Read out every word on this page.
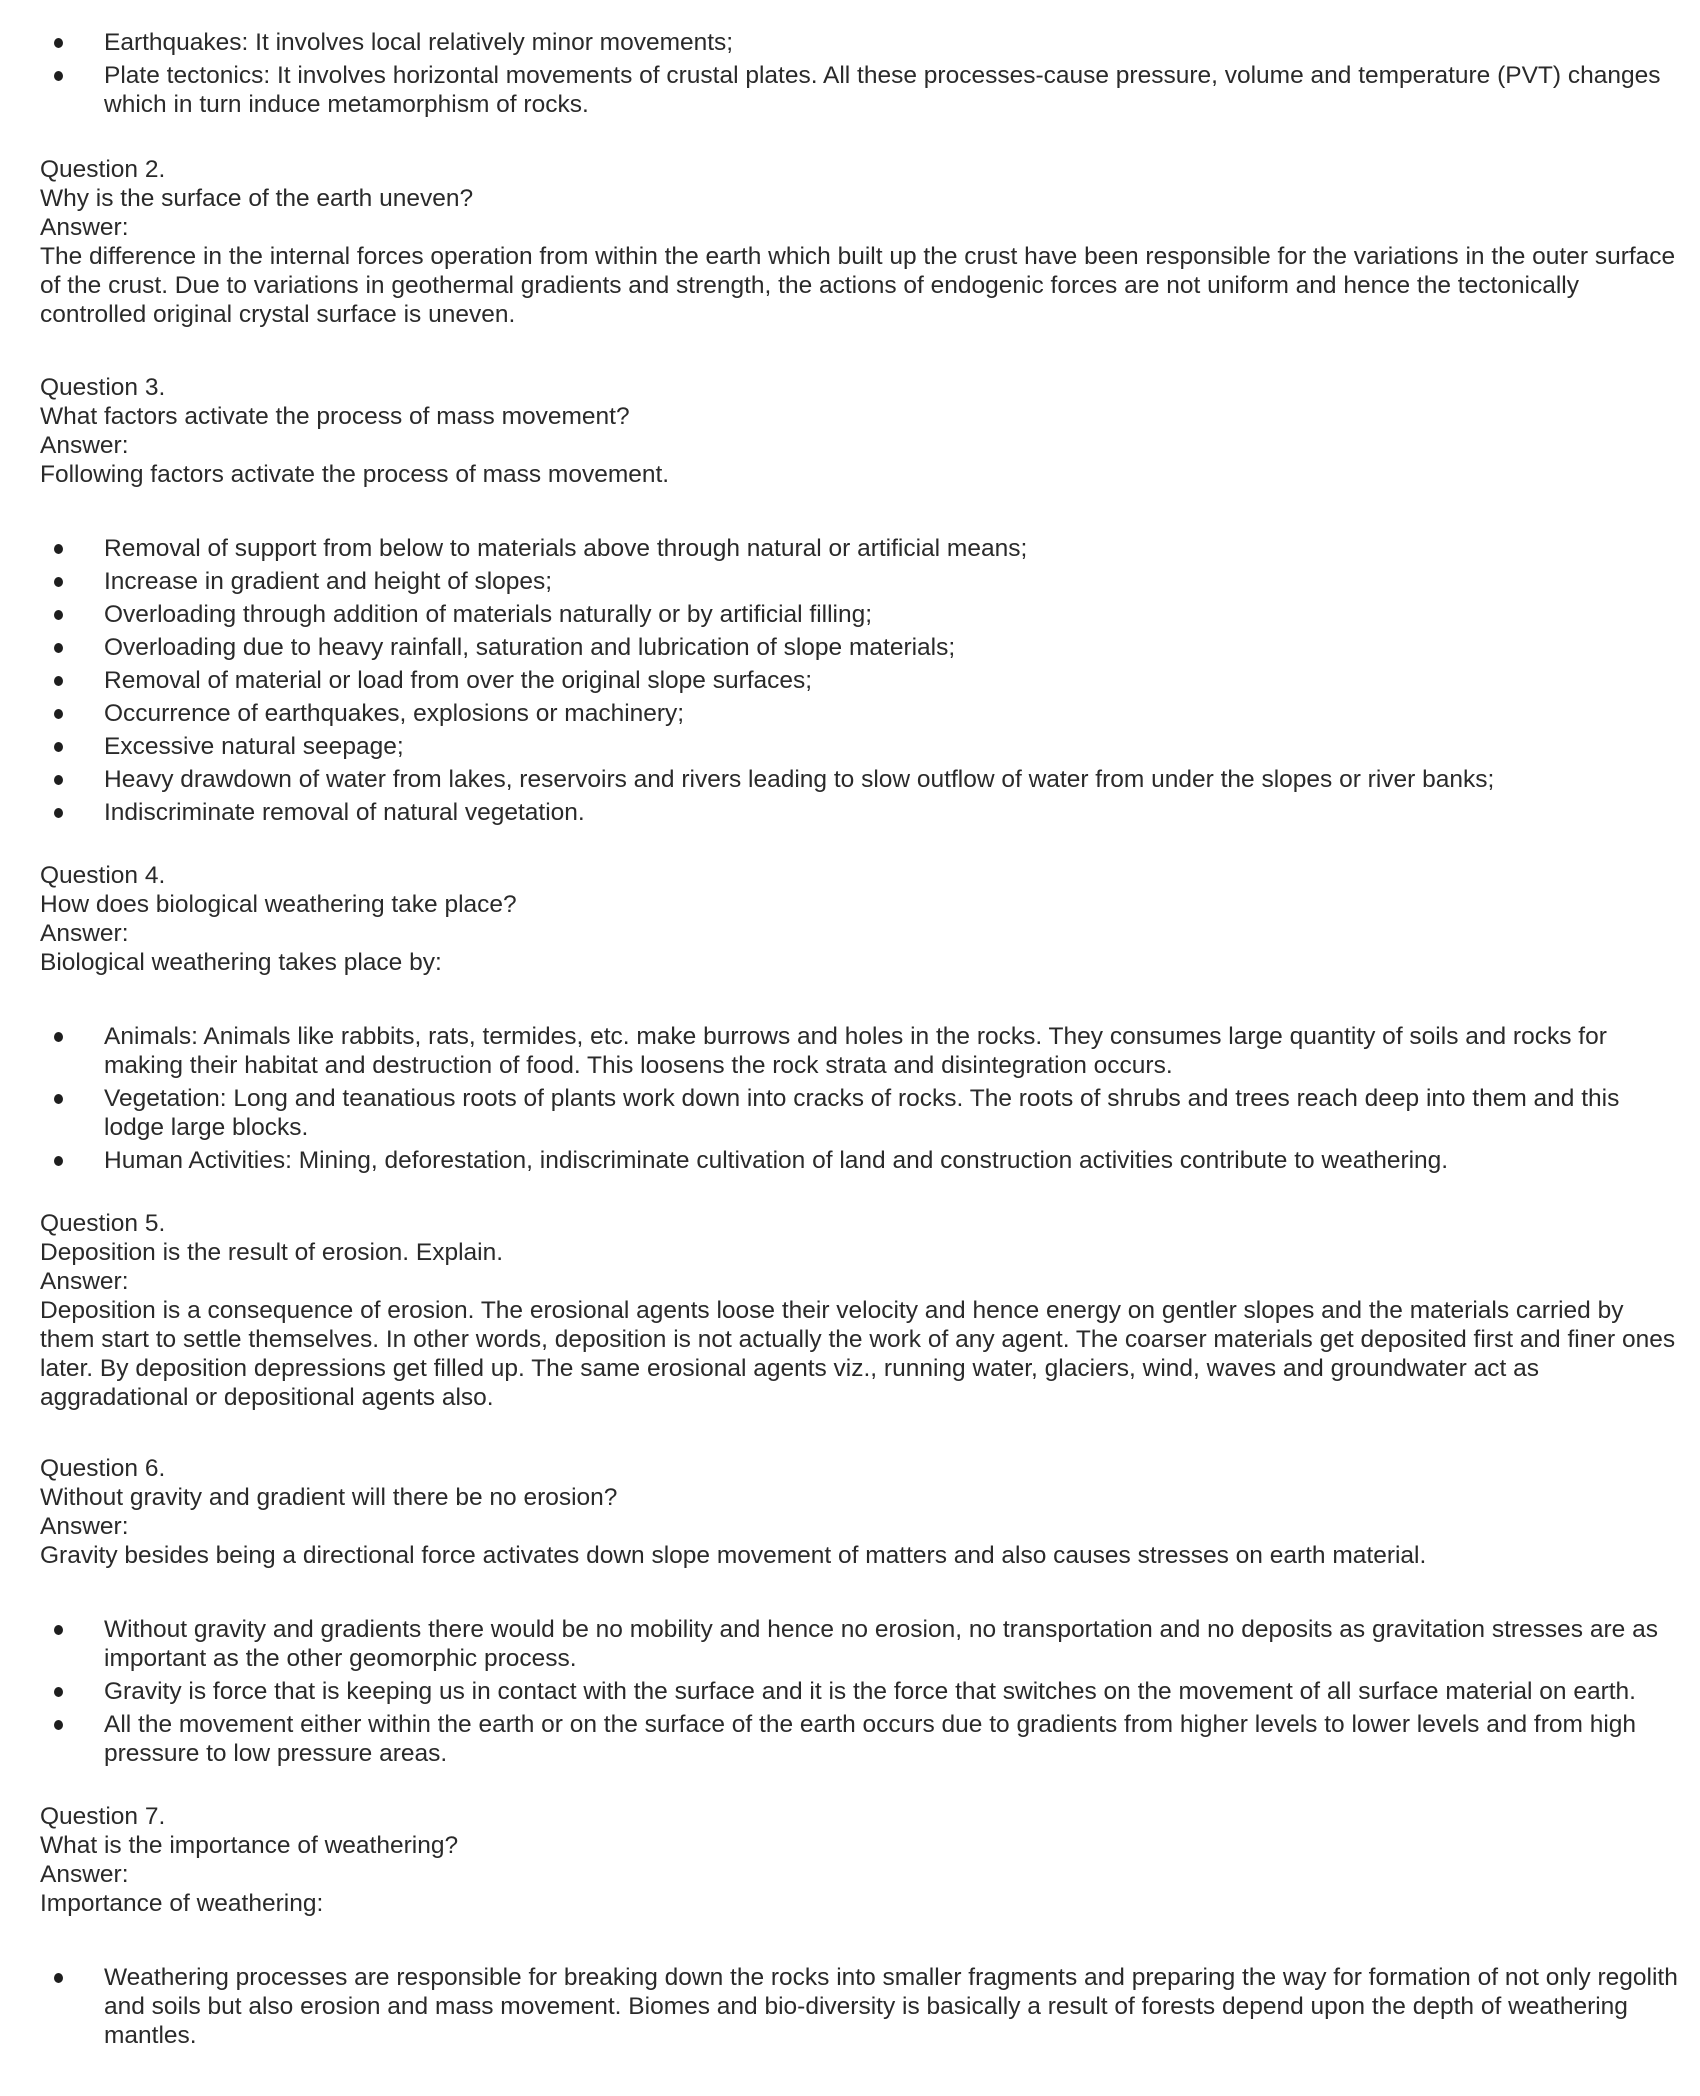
Earthquakes: It involves local relatively minor movements;
Plate tectonics: It involves horizontal movements of crustal plates. All these processes-cause pressure, volume and temperature (PVT) changes which in turn induce metamorphism of rocks.
Question 2.
Why is the surface of the earth uneven?
Answer:

The difference in the internal forces operation from within the earth which built up the crust have been responsible for the variations in the outer surface of the crust. Due to variations in geothermal gradients and strength, the actions of endogenic forces are not uniform and hence the tectonically controlled original crystal surface is uneven.

Question 3.
What factors activate the process of mass movement?
Answer:

Following factors activate the process of mass movement.

Removal of support from below to materials above through natural or artificial means;
Increase in gradient and height of slopes;
Overloading through addition of materials naturally or by artificial filling;
Overloading due to heavy rainfall, saturation and lubrication of slope materials;
Removal of material or load from over the original slope surfaces;
Occurrence of earthquakes, explosions or machinery;
Excessive natural seepage;
Heavy drawdown of water from lakes, reservoirs and rivers leading to slow outflow of water from under the slopes or river banks;
Indiscriminate removal of natural vegetation.
Question 4.
How does biological weathering take place?
Answer:

Biological weathering takes place by:

Animals: Animals like rabbits, rats, termides, etc. make burrows and holes in the rocks. They consumes large quantity of soils and rocks for making their habitat and destruction of food. This loosens the rock strata and disintegration occurs.
Vegetation: Long and teanatious roots of plants work down into cracks of rocks. The roots of shrubs and trees reach deep into them and this lodge large blocks.
Human Activities: Mining, deforestation, indiscriminate cultivation of land and construction activities contribute to weathering.
Question 5.
Deposition is the result of erosion. Explain.
Answer:

Deposition is a consequence of erosion. The erosional agents loose their velocity and hence energy on gentler slopes and the materials carried by them start to settle themselves. In other words, deposition is not actually the work of any agent. The coarser materials get deposited first and finer ones later. By deposition depressions get filled up. The same erosional agents viz., running water, glaciers, wind, waves and groundwater act as aggradational or depositional agents also.

Question 6.
Without gravity and gradient will there be no erosion?
Answer:

Gravity besides being a directional force activates down slope movement of matters and also causes stresses on earth material.

Without gravity and gradients there would be no mobility and hence no erosion, no transportation and no deposits as gravitation stresses are as important as the other geomorphic process.
Gravity is force that is keeping us in contact with the surface and it is the force that switches on the movement of all surface material on earth.
All the movement either within the earth or on the surface of the earth occurs due to gradients from higher levels to lower levels and from high pressure to low pressure areas.
Question 7.
What is the importance of weathering?
Answer:

Importance of weathering:

Weathering processes are responsible for breaking down the rocks into smaller fragments and preparing the way for formation of not only regolith and soils but also erosion and mass movement. Biomes and bio-diversity is basically a result of forests depend upon the depth of weathering mantles.
